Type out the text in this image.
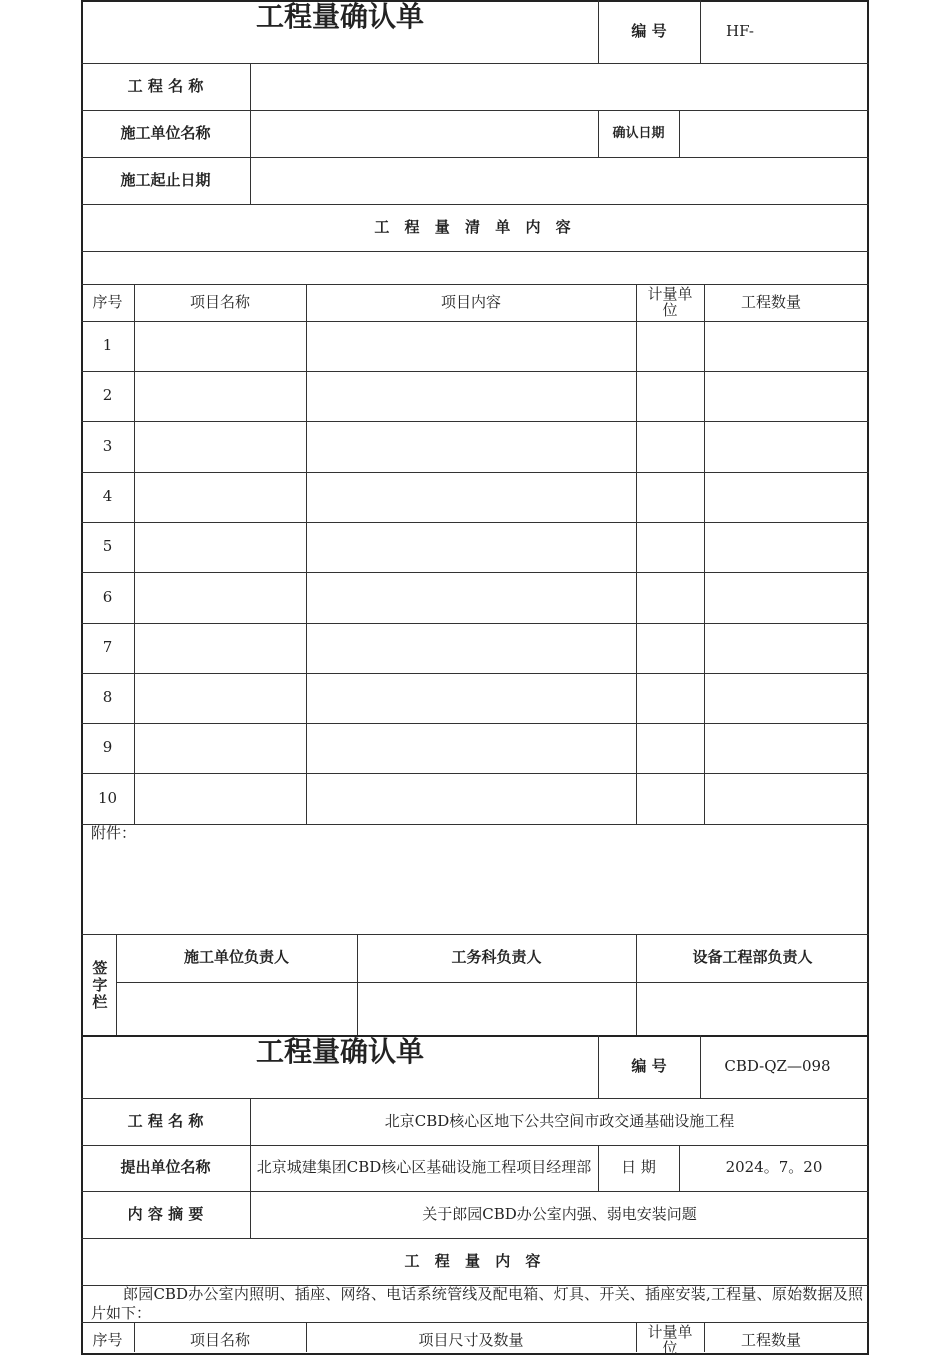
工程量确认单	编 号	HF-
工 程 名 称
施工单位名称	确认日期
施工起止日期
工 程 量 清 单 内 容
序号	项目名称	项目内容	计量单位	工程数量
1
2
3
4
5
6
7
8
9
10
附件：
签字栏
施工单位负责人	工务科负责人	设备工程部负责人
工程量确认单	编 号	CBD-QZ—098
工 程 名 称	北京CBD核心区地下公共空间市政交通基础设施工程
提出单位名称	北京城建集团CBD核心区基础设施工程项目经理部	日 期	2024。7。20
内 容 摘 要	关于郎园CBD办公室内强、弱电安装问题
工 程 量 内 容
郎园CBD办公室内照明、插座、网络、电话系统管线及配电箱、灯具、开关、插座安装,工程量、原始数据及照片如下：
序号	项目名称	项目尺寸及数量	计量单位	工程数量
